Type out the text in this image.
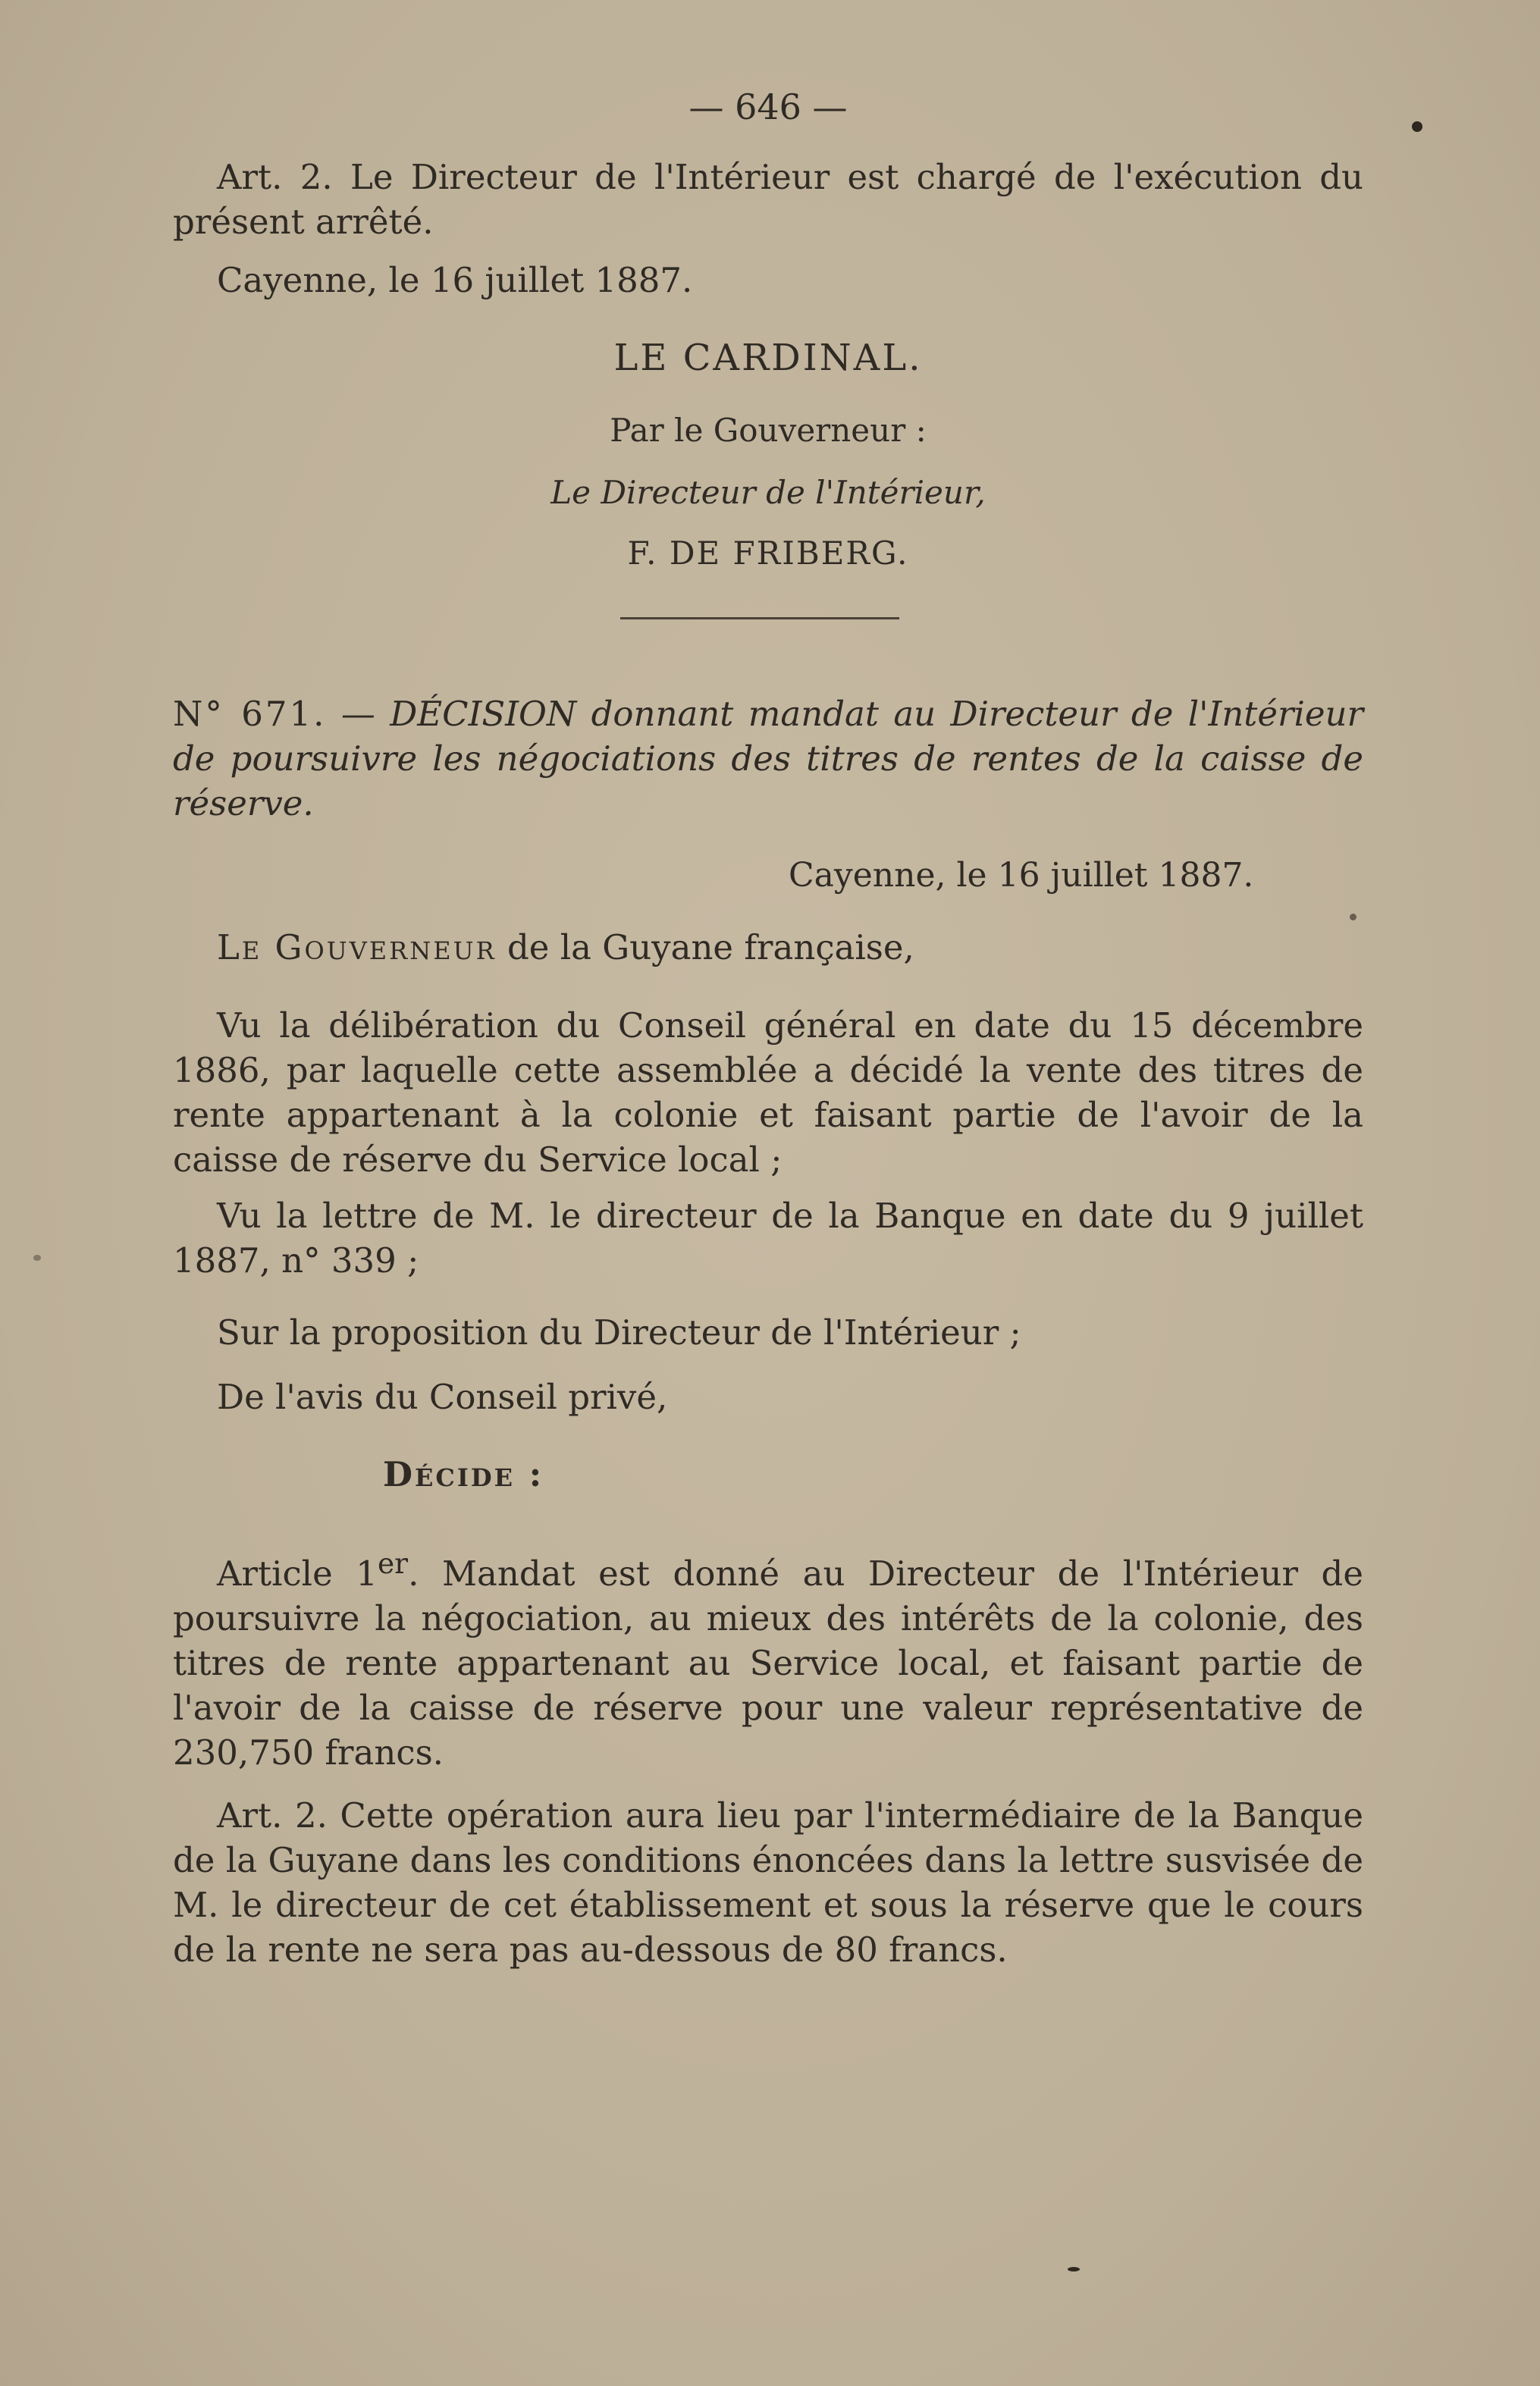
— 646 —

Art. 2. Le Directeur de l'Intérieur est chargé de l'exécution du présent arrêté.

Cayenne, le 16 juillet 1887.

LE CARDINAL.
Par le Gouverneur :
Le Directeur de l'Intérieur,
F. DE FRIBERG.

N° 671. — DÉCISION donnant mandat au Directeur de l'Intérieur de poursuivre les négociations des titres de rentes de la caisse de réserve.

Cayenne, le 16 juillet 1887.

Le Gouverneur de la Guyane française,

Vu la délibération du Conseil général en date du 15 décembre 1886, par laquelle cette assemblée a décidé la vente des titres de rente appartenant à la colonie et faisant partie de l'avoir de la caisse de réserve du Service local ;

Vu la lettre de M. le directeur de la Banque en date du 9 juillet 1887, n° 339 ;

Sur la proposition du Directeur de l'Intérieur ;

De l'avis du Conseil privé,

Décide :

Article 1er. Mandat est donné au Directeur de l'Intérieur de poursuivre la négociation, au mieux des intérêts de la colonie, des titres de rente appartenant au Service local, et faisant partie de l'avoir de la caisse de réserve pour une valeur représentative de 230,750 francs.

Art. 2. Cette opération aura lieu par l'intermédiaire de la Banque de la Guyane dans les conditions énoncées dans la lettre susvisée de M. le directeur de cet établissement et sous la réserve que le cours de la rente ne sera pas au-dessous de 80 francs.
